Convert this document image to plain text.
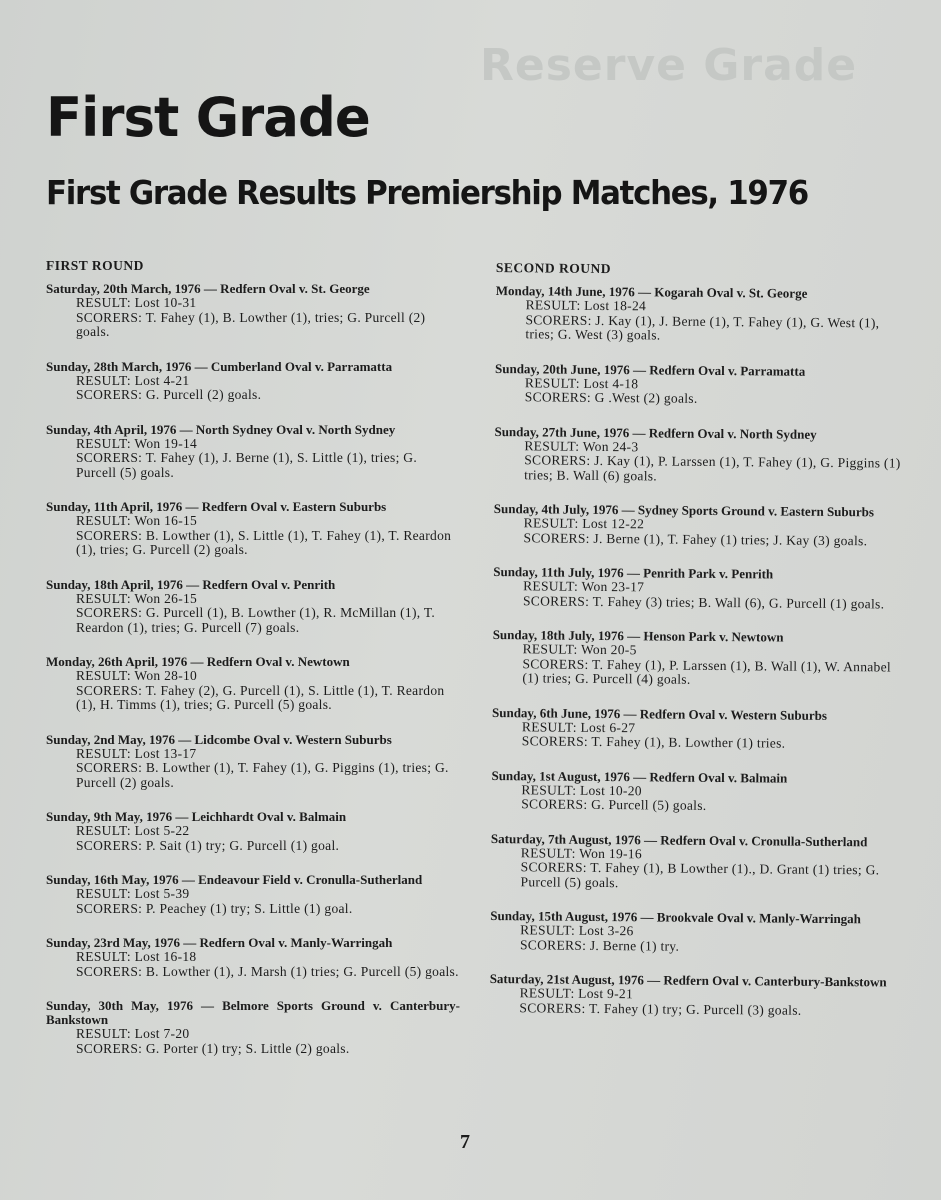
Reserve Grade
First Grade
First Grade Results Premiership Matches, 1976
FIRST ROUND
Saturday, 20th March, 1976 — Redfern Oval v. St. George
RESULT: Lost 10-31
SCORERS: T. Fahey (1), B. Lowther (1), tries; G. Purcell (2) goals.
Sunday, 28th March, 1976 — Cumberland Oval v. Parramatta
RESULT: Lost 4-21
SCORERS: G. Purcell (2) goals.
Sunday, 4th April, 1976 — North Sydney Oval v. North Sydney
RESULT: Won 19-14
SCORERS: T. Fahey (1), J. Berne (1), S. Little (1), tries; G. Purcell (5) goals.
Sunday, 11th April, 1976 — Redfern Oval v. Eastern Suburbs
RESULT: Won 16-15
SCORERS: B. Lowther (1), S. Little (1), T. Fahey (1), T. Reardon (1), tries; G. Purcell (2) goals.
Sunday, 18th April, 1976 — Redfern Oval v. Penrith
RESULT: Won 26-15
SCORERS: G. Purcell (1), B. Lowther (1), R. McMillan (1), T. Reardon (1), tries; G. Purcell (7) goals.
Monday, 26th April, 1976 — Redfern Oval v. Newtown
RESULT: Won 28-10
SCORERS: T. Fahey (2), G. Purcell (1), S. Little (1), T. Reardon (1), H. Timms (1), tries; G. Purcell (5) goals.
Sunday, 2nd May, 1976 — Lidcombe Oval v. Western Suburbs
RESULT: Lost 13-17
SCORERS: B. Lowther (1), T. Fahey (1), G. Piggins (1), tries; G. Purcell (2) goals.
Sunday, 9th May, 1976 — Leichhardt Oval v. Balmain
RESULT: Lost 5-22
SCORERS: P. Sait (1) try; G. Purcell (1) goal.
Sunday, 16th May, 1976 — Endeavour Field v. Cronulla-Sutherland
RESULT: Lost 5-39
SCORERS: P. Peachey (1) try; S. Little (1) goal.
Sunday, 23rd May, 1976 — Redfern Oval v. Manly-Warringah
RESULT: Lost 16-18
SCORERS: B. Lowther (1), J. Marsh (1) tries; G. Purcell (5) goals.
Sunday, 30th May, 1976 — Belmore Sports Ground v. Canterbury-Bankstown
RESULT: Lost 7-20
SCORERS: G. Porter (1) try; S. Little (2) goals.
SECOND ROUND
Monday, 14th June, 1976 — Kogarah Oval v. St. George
RESULT: Lost 18-24
SCORERS: J. Kay (1), J. Berne (1), T. Fahey (1), G. West (1), tries; G. West (3) goals.
Sunday, 20th June, 1976 — Redfern Oval v. Parramatta
RESULT: Lost 4-18
SCORERS: G .West (2) goals.
Sunday, 27th June, 1976 — Redfern Oval v. North Sydney
RESULT: Won 24-3
SCORERS: J. Kay (1), P. Larssen (1), T. Fahey (1), G. Piggins (1) tries; B. Wall (6) goals.
Sunday, 4th July, 1976 — Sydney Sports Ground v. Eastern Suburbs
RESULT: Lost 12-22
SCORERS: J. Berne (1), T. Fahey (1) tries; J. Kay (3) goals.
Sunday, 11th July, 1976 — Penrith Park v. Penrith
RESULT: Won 23-17
SCORERS: T. Fahey (3) tries; B. Wall (6), G. Purcell (1) goals.
Sunday, 18th July, 1976 — Henson Park v. Newtown
RESULT: Won 20-5
SCORERS: T. Fahey (1), P. Larssen (1), B. Wall (1), W. Annabel (1) tries; G. Purcell (4) goals.
Sunday, 6th June, 1976 — Redfern Oval v. Western Suburbs
RESULT: Lost 6-27
SCORERS: T. Fahey (1), B. Lowther (1) tries.
Sunday, 1st August, 1976 — Redfern Oval v. Balmain
RESULT: Lost 10-20
SCORERS: G. Purcell (5) goals.
Saturday, 7th August, 1976 — Redfern Oval v. Cronulla-Sutherland
RESULT: Won 19-16
SCORERS: T. Fahey (1), B Lowther (1)., D. Grant (1) tries; G. Purcell (5) goals.
Sunday, 15th August, 1976 — Brookvale Oval v. Manly-Warringah
RESULT: Lost 3-26
SCORERS: J. Berne (1) try.
Saturday, 21st August, 1976 — Redfern Oval v. Canterbury-Bankstown
RESULT: Lost 9-21
SCORERS: T. Fahey (1) try; G. Purcell (3) goals.
7
